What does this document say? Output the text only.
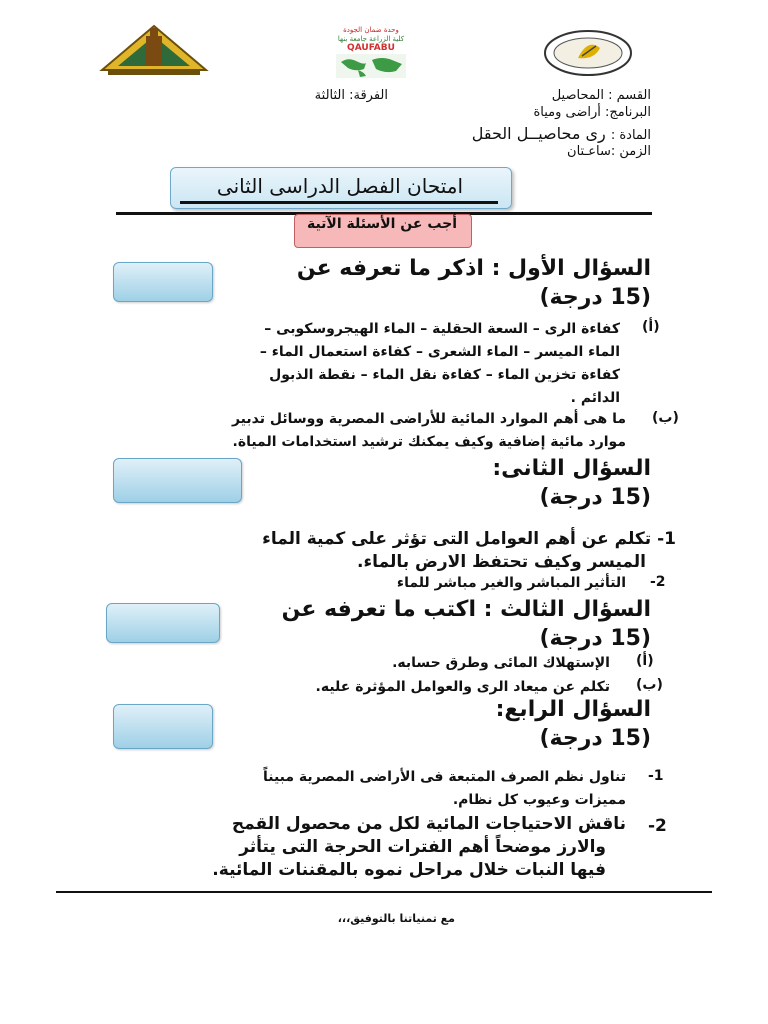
وحدة ضمان الجودة
كلية الزراعة جامعة بنها
QAUFABU
القسم : المحاصيل
الفرقة: الثالثة
البرنامج: أراضى ومياة
المادة : رى محاصيــل الحقل
الزمن :ساعـتان
امتحان الفصل الدراسى الثانى
أجب عن الأسئلة الآتية
السؤال الأول : اذكر ما تعرفه عن
(15 درجة)
(أ)
كفاءة الرى – السعة الحقلية – الماء الهيجروسكوبى –
الماء الميسر – الماء الشعرى – كفاءة استعمال الماء –
كفاءة تخزين الماء – كفاءة نقل الماء – نقطة الذبول
الدائم .
(ب)
ما هى أهم الموارد المائية للأراضى المصرية ووسائل تدبير
موارد مائية إضافية وكيف يمكنك ترشيد استخدامات المياة.
السؤال الثانى:
(15 درجة)
1- تكلم عن أهم العوامل التى تؤثر على كمية الماء
الميسر وكيف تحتفظ الارض بالماء.
-2
التأثير المباشر والغير مباشر للماء
السؤال الثالث : اكتب ما تعرفه عن
(15 درجة)
(أ)
الإستهلاك المائى وطرق حسابه.
(ب)
تكلم عن ميعاد الرى والعوامل المؤثرة عليه.
السؤال الرابع:
(15 درجة)
-1
تناول نظم الصرف المتبعة فى الأراضى المصرية مبيناً
مميزات وعيوب كل نظام.
-2
ناقش الاحتياجات المائية لكل من محصول القمح
والارز موضحاً أهم الفترات الحرجة التى يتأثر
فيها النبات خلال مراحل نموه بالمقننات المائية.
مع تمنياتنا بالتوفيق،،،
